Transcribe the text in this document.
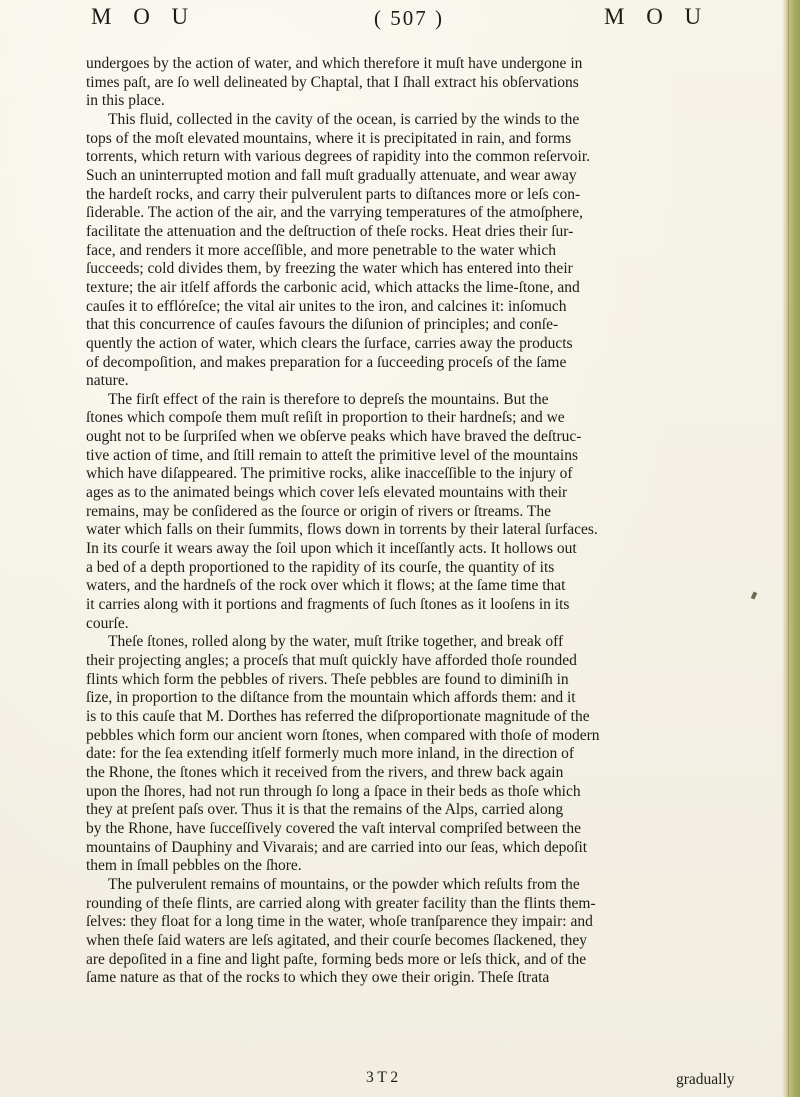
M O U	( 507 )	M O U
undergoes by the action of water, and which therefore it muſt have undergone in
times paſt, are ſo well delineated by Chaptal, that I ſhall extract his obſervations
in this place.
This fluid, collected in the cavity of the ocean, is carried by the winds to the
tops of the moſt elevated mountains, where it is precipitated in rain, and forms
torrents, which return with various degrees of rapidity into the common reſervoir.
Such an uninterrupted motion and fall muſt gradually attenuate, and wear away
the hardeſt rocks, and carry their pulverulent parts to diſtances more or leſs con-
ſiderable. The action of the air, and the varrying temperatures of the atmoſphere,
facilitate the attenuation and the deſtruction of theſe rocks. Heat dries their ſur-
face, and renders it more acceſſible, and more penetrable to the water which
ſucceeds; cold divides them, by freezing the water which has entered into their
texture; the air itſelf affords the carbonic acid, which attacks the lime-ſtone, and
cauſes it to efflóreſce; the vital air unites to the iron, and calcines it: inſomuch
that this concurrence of cauſes favours the diſunion of principles; and conſe-
quently the action of water, which clears the ſurface, carries away the products
of decompoſition, and makes preparation for a ſucceeding proceſs of the ſame
nature.
The firſt effect of the rain is therefore to depreſs the mountains. But the
ſtones which compoſe them muſt reſiſt in proportion to their hardneſs; and we
ought not to be ſurpriſed when we obſerve peaks which have braved the deſtruc-
tive action of time, and ſtill remain to atteſt the primitive level of the mountains
which have diſappeared. The primitive rocks, alike inacceſſible to the injury of
ages as to the animated beings which cover leſs elevated mountains with their
remains, may be conſidered as the ſource or origin of rivers or ſtreams. The
water which falls on their ſummits, flows down in torrents by their lateral ſurfaces.
In its courſe it wears away the ſoil upon which it inceſſantly acts. It hollows out
a bed of a depth proportioned to the rapidity of its courſe, the quantity of its
waters, and the hardneſs of the rock over which it flows; at the ſame time that
it carries along with it portions and fragments of ſuch ſtones as it looſens in its
courſe.
Theſe ſtones, rolled along by the water, muſt ſtrike together, and break off
their projecting angles; a proceſs that muſt quickly have afforded thoſe rounded
flints which form the pebbles of rivers. Theſe pebbles are found to diminiſh in
ſize, in proportion to the diſtance from the mountain which affords them: and it
is to this cauſe that M. Dorthes has referred the diſproportionate magnitude of the
pebbles which form our ancient worn ſtones, when compared with thoſe of modern
date: for the ſea extending itſelf formerly much more inland, in the direction of
the Rhone, the ſtones which it received from the rivers, and threw back again
upon the ſhores, had not run through ſo long a ſpace in their beds as thoſe which
they at preſent paſs over. Thus it is that the remains of the Alps, carried along
by the Rhone, have ſucceſſively covered the vaſt interval compriſed between the
mountains of Dauphiny and Vivarais; and are carried into our ſeas, which depoſit
them in ſmall pebbles on the ſhore.
The pulverulent remains of mountains, or the powder which reſults from the
rounding of theſe flints, are carried along with greater facility than the flints them-
ſelves: they float for a long time in the water, whoſe tranſparence they impair: and
when theſe ſaid waters are leſs agitated, and their courſe becomes ſlackened, they
are depoſited in a fine and light paſte, forming beds more or leſs thick, and of the
ſame nature as that of the rocks to which they owe their origin. Theſe ſtrata
3 T 2	gradually
